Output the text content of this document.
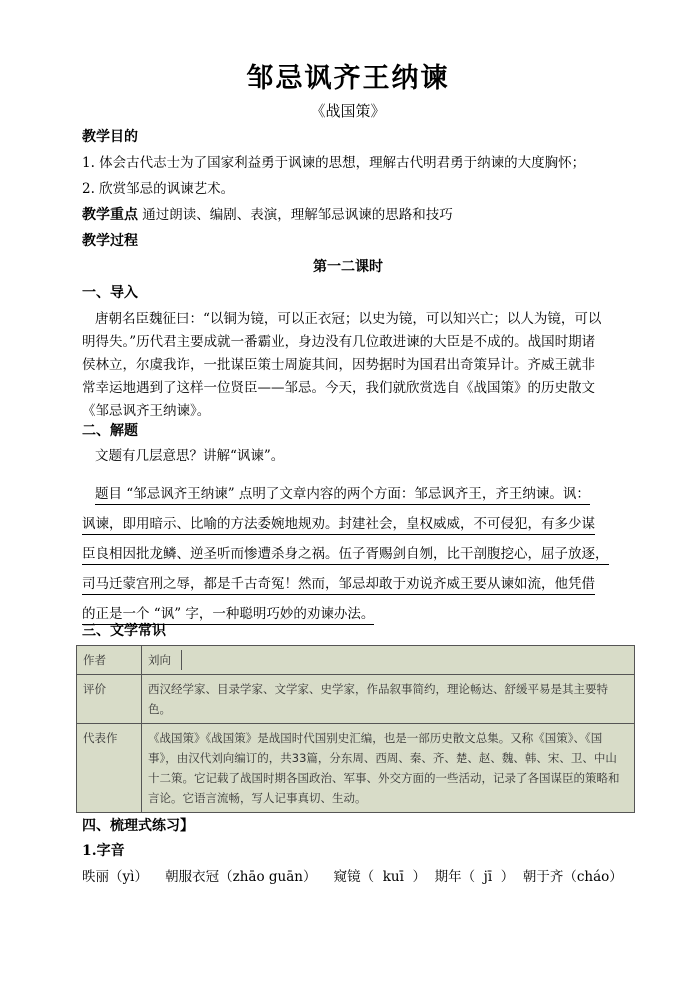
邹忌讽齐王纳谏
《战国策》
教学目的
1. 体会古代志士为了国家利益勇于讽谏的思想，理解古代明君勇于纳谏的大度胸怀；
2. 欣赏邹忌的讽谏艺术。
教学重点 通过朗读、编剧、表演，理解邹忌讽谏的思路和技巧
教学过程
第一二课时
一、导入
唐朝名臣魏征曰：“以铜为镜，可以正衣冠；以史为镜，可以知兴亡；以人为镜，可以
明得失。”历代君主要成就一番霸业，身边没有几位敢进谏的大臣是不成的。战国时期诸
侯林立，尔虞我诈，一批谋臣策士周旋其间，因势据时为国君出奇策异计。齐威王就非
常幸运地遇到了这样一位贤臣——邹忌。今天，我们就欣赏选自《战国策》的历史散文
《邹忌讽齐王纳谏》。
二、解题
文题有几层意思？讲解“讽谏”。
题目 “邹忌讽齐王纳谏” 点明了文章内容的两个方面：邹忌讽齐王，齐王纳谏。讽：
讽谏，即用暗示、比喻的方法委婉地规劝。封建社会，皇权威威，不可侵犯，有多少谋
臣良相因批龙鳞、逆圣听而惨遭杀身之祸。伍子胥赐剑自刎，比干剖腹挖心，屈子放逐，
司马迁蒙宫刑之辱，都是千古奇冤！然而，邹忌却敢于劝说齐威王要从谏如流，他凭借
的正是一个 “讽” 字，一种聪明巧妙的劝谏办法。
三、文学常识
作者	刘向
评价	西汉经学家、目录学家、文学家、史学家，作品叙事简约，理论畅达、舒缓平易是其主要特色。
代表作	《战国策》《战国策》是战国时代国别史汇编，也是一部历史散文总集。又称《国策》、《国事》，由汉代刘向编订的，共33篇，分东周、西周、秦、齐、楚、赵、魏、韩、宋、卫、中山十二策。它记载了战国时期各国政治、军事、外交方面的一些活动，记录了各国谋臣的策略和言论。它语言流畅，写人记事真切、生动。
四、梳理式练习】
1.字音
昳丽（yì）    朝服衣冠（zhāo guān）    窥镜（  kuī  ）  期年（  jī  ）  朝于齐（cháo）
